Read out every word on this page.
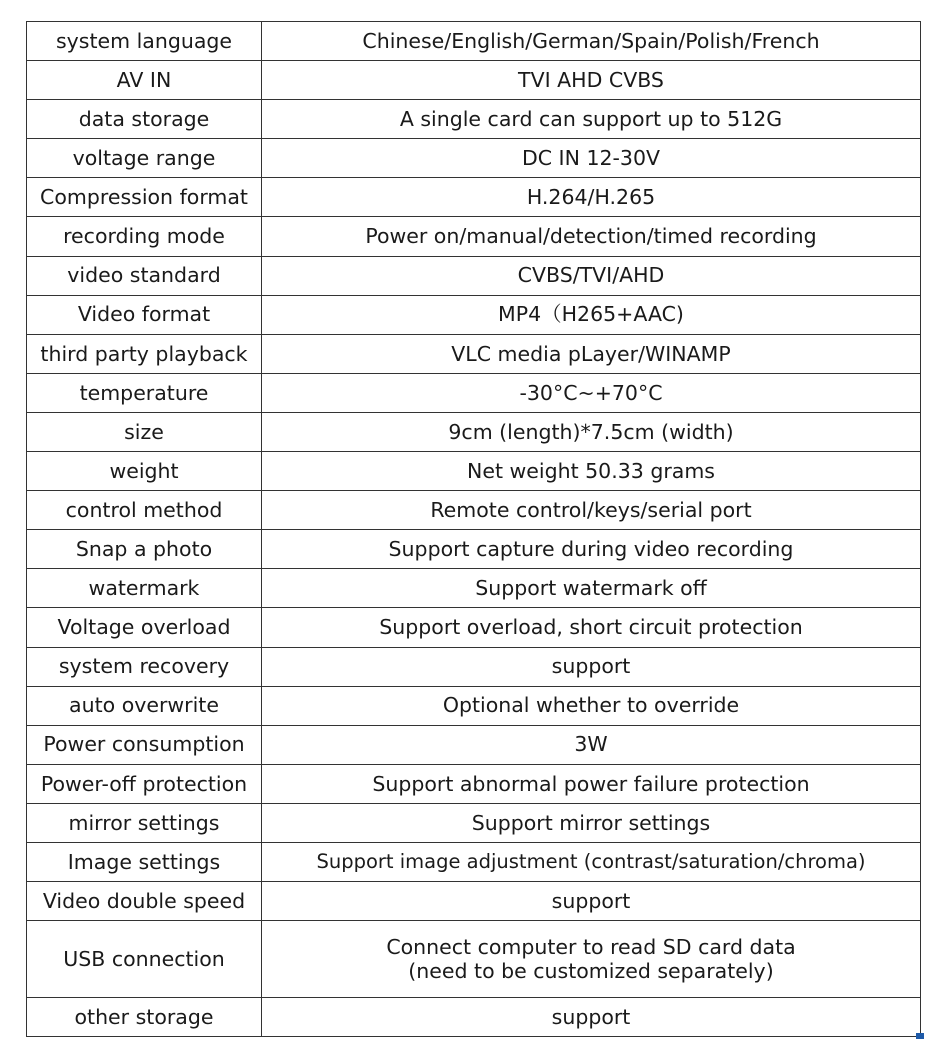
system language	Chinese/English/German/Spain/Polish/French
AV IN	TVI AHD CVBS
data storage	A single card can support up to 512G
voltage range	DC IN 12-30V
Compression format	H.264/H.265
recording mode	Power on/manual/detection/timed recording
video standard	CVBS/TVI/AHD
Video format	MP4（H265+AAC)
third party playback	VLC media pLayer/WINAMP
temperature	-30°C~+70°C
size	9cm (length)*7.5cm (width)
weight	Net weight 50.33 grams
control method	Remote control/keys/serial port
Snap a photo	Support capture during video recording
watermark	Support watermark off
Voltage overload	Support overload, short circuit protection
system recovery	support
auto overwrite	Optional whether to override
Power consumption	3W
Power-off protection	Support abnormal power failure protection
mirror settings	Support mirror settings
Image settings	Support image adjustment (contrast/saturation/chroma)
Video double speed	support
USB connection	Connect computer to read SD card data
(need to be customized separately)

other storage	support
